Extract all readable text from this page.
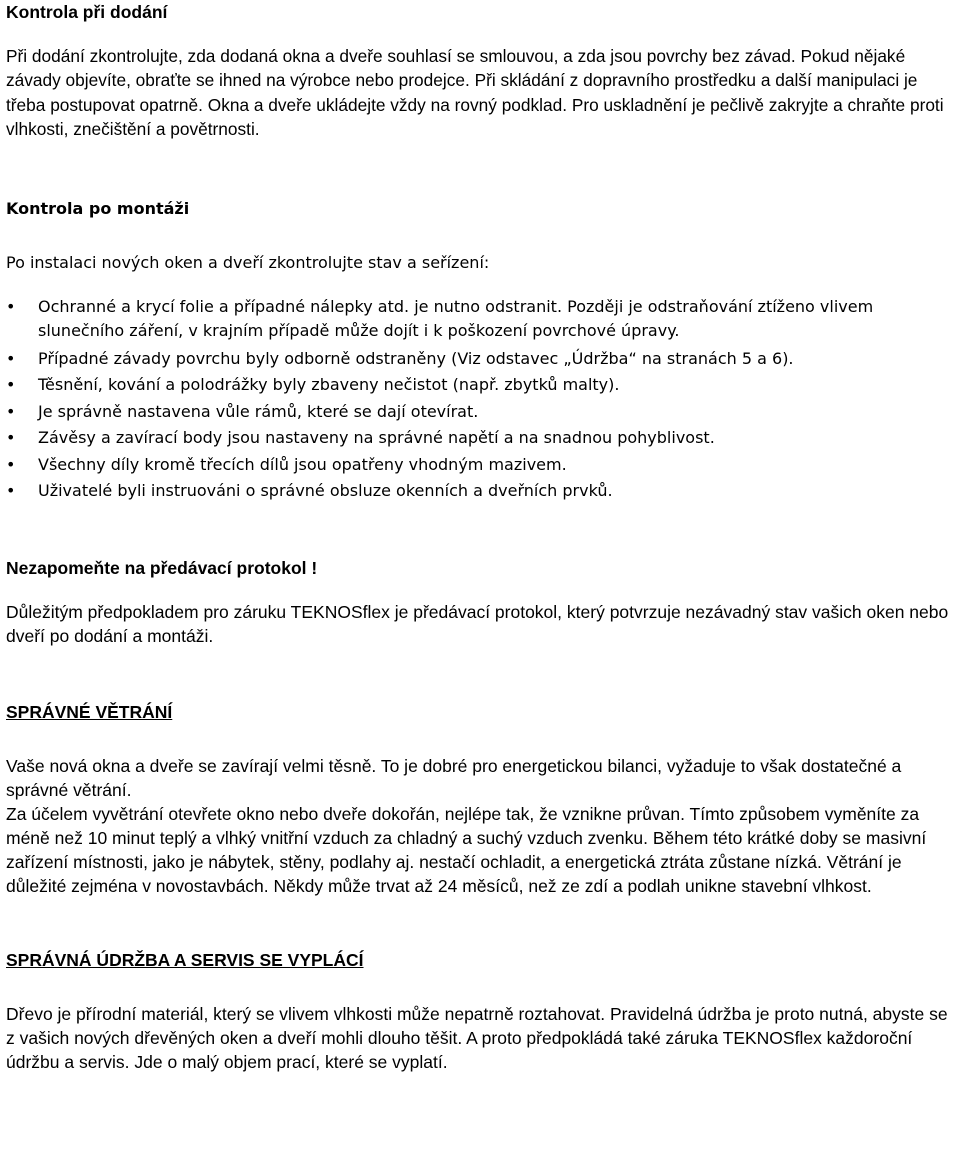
Kontrola při dodání

Při dodání zkontrolujte, zda dodaná okna a dveře souhlasí se smlouvou, a zda jsou povrchy bez závad. Pokud nějaké závady objevíte, obraťte se ihned na výrobce nebo prodejce. Při skládání z dopravního prostředku a další manipulaci je třeba postupovat opatrně. Okna a dveře ukládejte vždy na rovný podklad. Pro uskladnění je pečlivě zakryjte a chraňte proti vlhkosti, znečištění a povětrnosti.

Kontrola po montáži

Po instalaci nových oken a dveří zkontrolujte stav a seřízení:

• Ochranné a krycí folie a případné nálepky atd. je nutno odstranit. Později je odstraňování ztíženo vlivem slunečního záření, v krajním případě může dojít i k poškození povrchové úpravy.
• Případné závady povrchu byly odborně odstraněny (Viz odstavec „Údržba“ na stranách 5 a 6).
• Těsnění, kování a polodrážky byly zbaveny nečistot (např. zbytků malty).
• Je správně nastavena vůle rámů, které se dají otevírat.
• Závěsy a zavírací body jsou nastaveny na správné napětí a na snadnou pohyblivost.
• Všechny díly kromě třecích dílů jsou opatřeny vhodným mazivem.
• Uživatelé byli instruováni o správné obsluze okenních a dveřních prvků.
Nezapomeňte na předávací protokol !

Důležitým předpokladem pro záruku TEKNOSflex je předávací protokol, který potvrzuje nezávadný stav vašich oken nebo dveří po dodání a montáži.

SPRÁVNÉ VĚTRÁNÍ

Vaše nová okna a dveře se zavírají velmi těsně. To je dobré pro energetickou bilanci, vyžaduje to však dostatečné a správné větrání.

Za účelem vyvětrání otevřete okno nebo dveře dokořán, nejlépe tak, že vznikne průvan. Tímto způsobem vyměníte za méně než 10 minut teplý a vlhký vnitřní vzduch za chladný a suchý vzduch zvenku. Během této krátké doby se masivní zařízení místnosti, jako je nábytek, stěny, podlahy aj. nestačí ochladit, a energetická ztráta zůstane nízká. Větrání je důležité zejména v novostavbách. Někdy může trvat až 24 měsíců, než ze zdí a podlah unikne stavební vlhkost.

SPRÁVNÁ ÚDRŽBA A SERVIS SE VYPLÁCÍ

Dřevo je přírodní materiál, který se vlivem vlhkosti může nepatrně roztahovat. Pravidelná údržba je proto nutná, abyste se z vašich nových dřevěných oken a dveří mohli dlouho těšit. A proto předpokládá také záruka TEKNOSflex každoroční údržbu a servis. Jde o malý objem prací, které se vyplatí.
